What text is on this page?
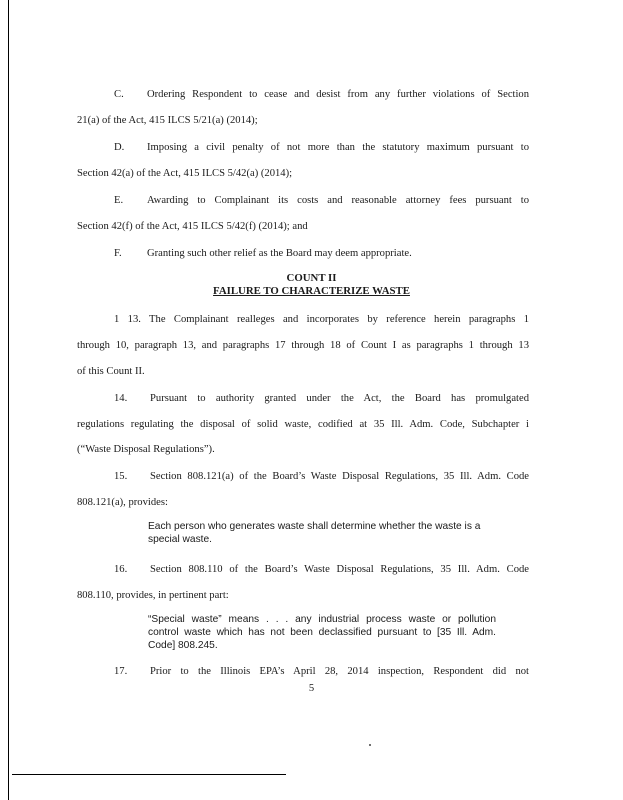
C. Ordering Respondent to cease and desist from any further violations of Section
21(a) of the Act, 415 ILCS 5/21(a) (2014);
D. Imposing a civil penalty of not more than the statutory maximum pursuant to
Section 42(a) of the Act, 415 ILCS 5/42(a) (2014);
E. Awarding to Complainant its costs and reasonable attorney fees pursuant to
Section 42(f) of the Act, 415 ILCS 5/42(f) (2014); and
F. Granting such other relief as the Board may deem appropriate.
COUNT II
FAILURE TO CHARACTERIZE WASTE
1 13. The Complainant realleges and incorporates by reference herein paragraphs 1
through 10, paragraph 13, and paragraphs 17 through 18 of Count I as paragraphs 1 through 13
of this Count II.
14. Pursuant to authority granted under the Act, the Board has promulgated
regulations regulating the disposal of solid waste, codified at 35 Ill. Adm. Code, Subchapter i
(“Waste Disposal Regulations”).
15. Section 808.121(a) of the Board’s Waste Disposal Regulations, 35 Ill. Adm. Code
808.121(a), provides:
Each person who generates waste shall determine whether the waste is a
special waste.
16. Section 808.110 of the Board’s Waste Disposal Regulations, 35 Ill. Adm. Code
808.110, provides, in pertinent part:
“Special waste” means . . . any industrial process waste or pollution
control waste which has not been declassified pursuant to [35 Ill. Adm.
Code] 808.245.
17. Prior to the Illinois EPA’s April 28, 2014 inspection, Respondent did not
5
